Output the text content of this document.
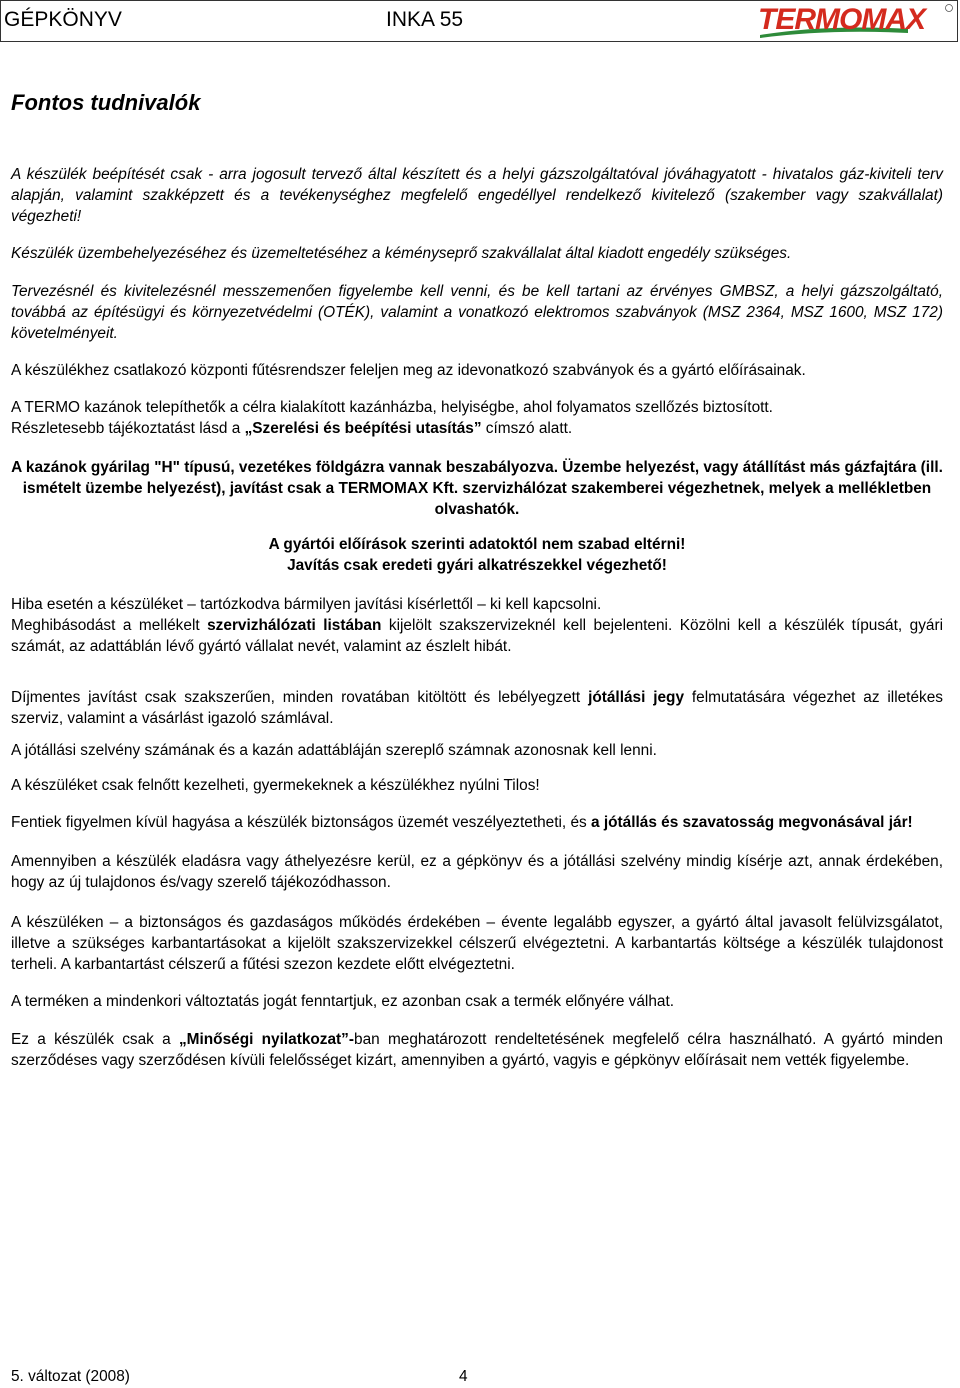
GÉPKÖNYV	INKA 55	TERMOMAX
Fontos tudnivalók

A készülék beépítését csak - arra jogosult tervező által készített és a helyi gázszolgáltatóval jóváhagyatott - hivatalos gáz-kiviteli terv alapján, valamint szakképzett és a tevékenységhez megfelelő engedéllyel rendelkező kivitelező (szakember vagy szakvállalat) végezheti!

Készülék üzembehelyezéséhez és üzemeltetéséhez a kéményseprő szakvállalat által kiadott engedély szükséges.

Tervezésnél és kivitelezésnél messzemenően figyelembe kell venni, és be kell tartani az érvényes GMBSZ, a helyi gázszolgáltató, továbbá az építésügyi és környezetvédelmi (OTÉK), valamint a vonatkozó elektromos szabványok (MSZ 2364, MSZ 1600, MSZ 172) követelményeit.

A készülékhez csatlakozó központi fűtésrendszer feleljen meg az idevonatkozó szabványok és a gyártó előírásainak.

A TERMO kazánok telepíthetők a célra kialakított kazánházba, helyiségbe, ahol folyamatos szellőzés biztosított.
Részletesebb tájékoztatást lásd a „Szerelési és beépítési utasítás” címszó alatt.

A kazánok gyárilag "H" típusú, vezetékes földgázra vannak beszabályozva. Üzembe helyezést, vagy átállítást más gázfajtára (ill. ismételt üzembe helyezést), javítást csak a TERMOMAX Kft. szervizhálózat szakemberei végezhetnek, melyek a mellékletben olvashatók.

A gyártói előírások szerinti adatoktól nem szabad eltérni!
Javítás csak eredeti gyári alkatrészekkel végezhető!

Hiba esetén a készüléket – tartózkodva bármilyen javítási kísérlettől – ki kell kapcsolni.
Meghibásodást a mellékelt szervizhálózati listában kijelölt szakszervizeknél kell bejelenteni. Közölni kell a készülék típusát, gyári számát, az adattáblán lévő gyártó vállalat nevét, valamint az észlelt hibát.

Díjmentes javítást csak szakszerűen, minden rovatában kitöltött és lebélyegzett jótállási jegy felmutatására végezhet az illetékes szerviz, valamint a vásárlást igazoló számlával.

A jótállási szelvény számának és a kazán adattábláján szereplő számnak azonosnak kell lenni.

A készüléket csak felnőtt kezelheti, gyermekeknek a készülékhez nyúlni Tilos!

Fentiek figyelmen kívül hagyása a készülék biztonságos üzemét veszélyeztetheti, és a jótállás és szavatosság megvonásával jár!

Amennyiben a készülék eladásra vagy áthelyezésre kerül, ez a gépkönyv és a jótállási szelvény mindig kísérje azt, annak érdekében, hogy az új tulajdonos és/vagy szerelő tájékozódhasson.

A készüléken – a biztonságos és gazdaságos működés érdekében – évente legalább egyszer, a gyártó által javasolt felülvizsgálatot, illetve a szükséges karbantartásokat a kijelölt szakszervizekkel célszerű elvégeztetni. A karbantartás költsége a készülék tulajdonost terheli. A karbantartást célszerű a fűtési szezon kezdete előtt elvégeztetni.

A terméken a mindenkori változtatás jogát fenntartjuk, ez azonban csak a termék előnyére válhat.

Ez a készülék csak a „Minőségi nyilatkozat”-ban meghatározott rendeltetésének megfelelő célra használható. A gyártó minden szerződéses vagy szerződésen kívüli felelősséget kizárt, amennyiben a gyártó, vagyis e gépkönyv előírásait nem vették figyelembe.

5. változat (2008)	4
